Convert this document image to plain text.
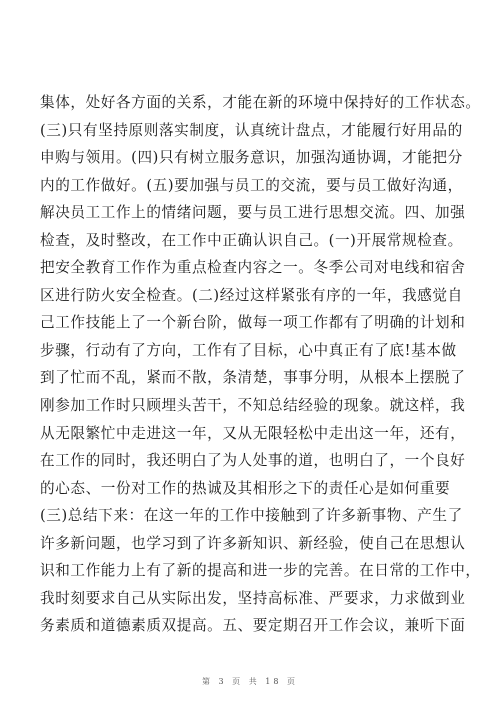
集体，处好各方面的关系，才能在新的环境中保持好的工作状态。
(三)只有坚持原则落实制度，认真统计盘点，才能履行好用品的
申购与领用。(四)只有树立服务意识，加强沟通协调，才能把分
内的工作做好。(五)要加强与员工的交流，要与员工做好沟通，
解决员工工作上的情绪问题，要与员工进行思想交流。四、加强
检查，及时整改，在工作中正确认识自己。(一)开展常规检查。
把安全教育工作作为重点检查内容之一。冬季公司对电线和宿舍
区进行防火安全检查。(二)经过这样紧张有序的一年，我感觉自
己工作技能上了一个新台阶，做每一项工作都有了明确的计划和
步骤，行动有了方向，工作有了目标，心中真正有了底!基本做
到了忙而不乱，紧而不散，条清楚，事事分明，从根本上摆脱了
刚参加工作时只顾埋头苦干，不知总结经验的现象。就这样，我
从无限繁忙中走进这一年，又从无限轻松中走出这一年，还有，
在工作的同时，我还明白了为人处事的道，也明白了，一个良好
的心态、一份对工作的热诚及其相形之下的责任心是如何重要
(三)总结下来：在这一年的工作中接触到了许多新事物、产生了
许多新问题，也学习到了许多新知识、新经验，使自己在思想认
识和工作能力上有了新的提高和进一步的完善。在日常的工作中，
我时刻要求自己从实际出发，坚持高标准、严要求，力求做到业
务素质和道德素质双提高。五、要定期召开工作会议，兼听下面
第 3 页 共 18 页
